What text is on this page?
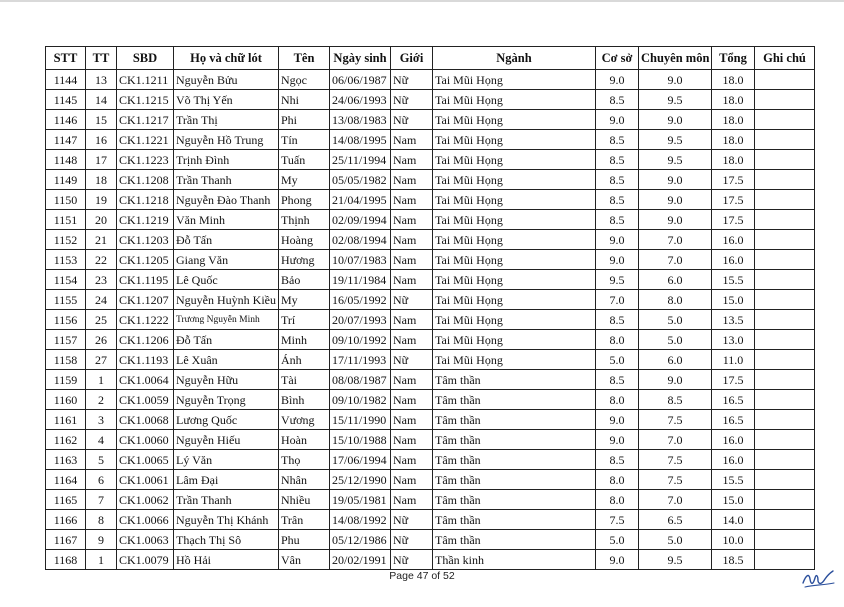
STT	TT	SBD	Họ và chữ lót	Tên	Ngày sinh	Giới	Ngành	Cơ sở	Chuyên môn	Tổng	Ghi chú
1144	13	CK1.1211	Nguyễn Bửu	Ngọc	06/06/1987	Nữ	Tai Mũi Họng	9.0	9.0	18.0	
1145	14	CK1.1215	Võ Thị Yến	Nhi	24/06/1993	Nữ	Tai Mũi Họng	8.5	9.5	18.0	
1146	15	CK1.1217	Trần Thị	Phi	13/08/1983	Nữ	Tai Mũi Họng	9.0	9.0	18.0	
1147	16	CK1.1221	Nguyễn Hồ Trung	Tín	14/08/1995	Nam	Tai Mũi Họng	8.5	9.5	18.0	
1148	17	CK1.1223	Trịnh Đình	Tuấn	25/11/1994	Nam	Tai Mũi Họng	8.5	9.5	18.0	
1149	18	CK1.1208	Trần Thanh	My	05/05/1982	Nam	Tai Mũi Họng	8.5	9.0	17.5	
1150	19	CK1.1218	Nguyễn Đào Thanh	Phong	21/04/1995	Nam	Tai Mũi Họng	8.5	9.0	17.5	
1151	20	CK1.1219	Văn Minh	Thịnh	02/09/1994	Nam	Tai Mũi Họng	8.5	9.0	17.5	
1152	21	CK1.1203	Đỗ Tấn	Hoàng	02/08/1994	Nam	Tai Mũi Họng	9.0	7.0	16.0	
1153	22	CK1.1205	Giang Văn	Hương	10/07/1983	Nam	Tai Mũi Họng	9.0	7.0	16.0	
1154	23	CK1.1195	Lê Quốc	Bảo	19/11/1984	Nam	Tai Mũi Họng	9.5	6.0	15.5	
1155	24	CK1.1207	Nguyễn Huỳnh Kiều	My	16/05/1992	Nữ	Tai Mũi Họng	7.0	8.0	15.0	
1156	25	CK1.1222	Trương Nguyễn Minh	Trí	20/07/1993	Nam	Tai Mũi Họng	8.5	5.0	13.5	
1157	26	CK1.1206	Đỗ Tấn	Minh	09/10/1992	Nam	Tai Mũi Họng	8.0	5.0	13.0	
1158	27	CK1.1193	Lê Xuân	Ánh	17/11/1993	Nữ	Tai Mũi Họng	5.0	6.0	11.0	
1159	1	CK1.0064	Nguyễn Hữu	Tài	08/08/1987	Nam	Tâm thần	8.5	9.0	17.5	
1160	2	CK1.0059	Nguyễn Trọng	Bình	09/10/1982	Nam	Tâm thần	8.0	8.5	16.5	
1161	3	CK1.0068	Lương Quốc	Vương	15/11/1990	Nam	Tâm thần	9.0	7.5	16.5	
1162	4	CK1.0060	Nguyễn Hiếu	Hoàn	15/10/1988	Nam	Tâm thần	9.0	7.0	16.0	
1163	5	CK1.0065	Lý Văn	Thọ	17/06/1994	Nam	Tâm thần	8.5	7.5	16.0	
1164	6	CK1.0061	Lâm Đại	Nhân	25/12/1990	Nam	Tâm thần	8.0	7.5	15.5	
1165	7	CK1.0062	Trần Thanh	Nhiều	19/05/1981	Nam	Tâm thần	8.0	7.0	15.0	
1166	8	CK1.0066	Nguyễn Thị Khánh	Trân	14/08/1992	Nữ	Tâm thần	7.5	6.5	14.0	
1167	9	CK1.0063	Thạch Thị Sô	Phu	05/12/1986	Nữ	Tâm thần	5.0	5.0	10.0	
1168	1	CK1.0079	Hồ Hải	Vân	20/02/1991	Nữ	Thần kinh	9.0	9.5	18.5	
Page 47 of 52
